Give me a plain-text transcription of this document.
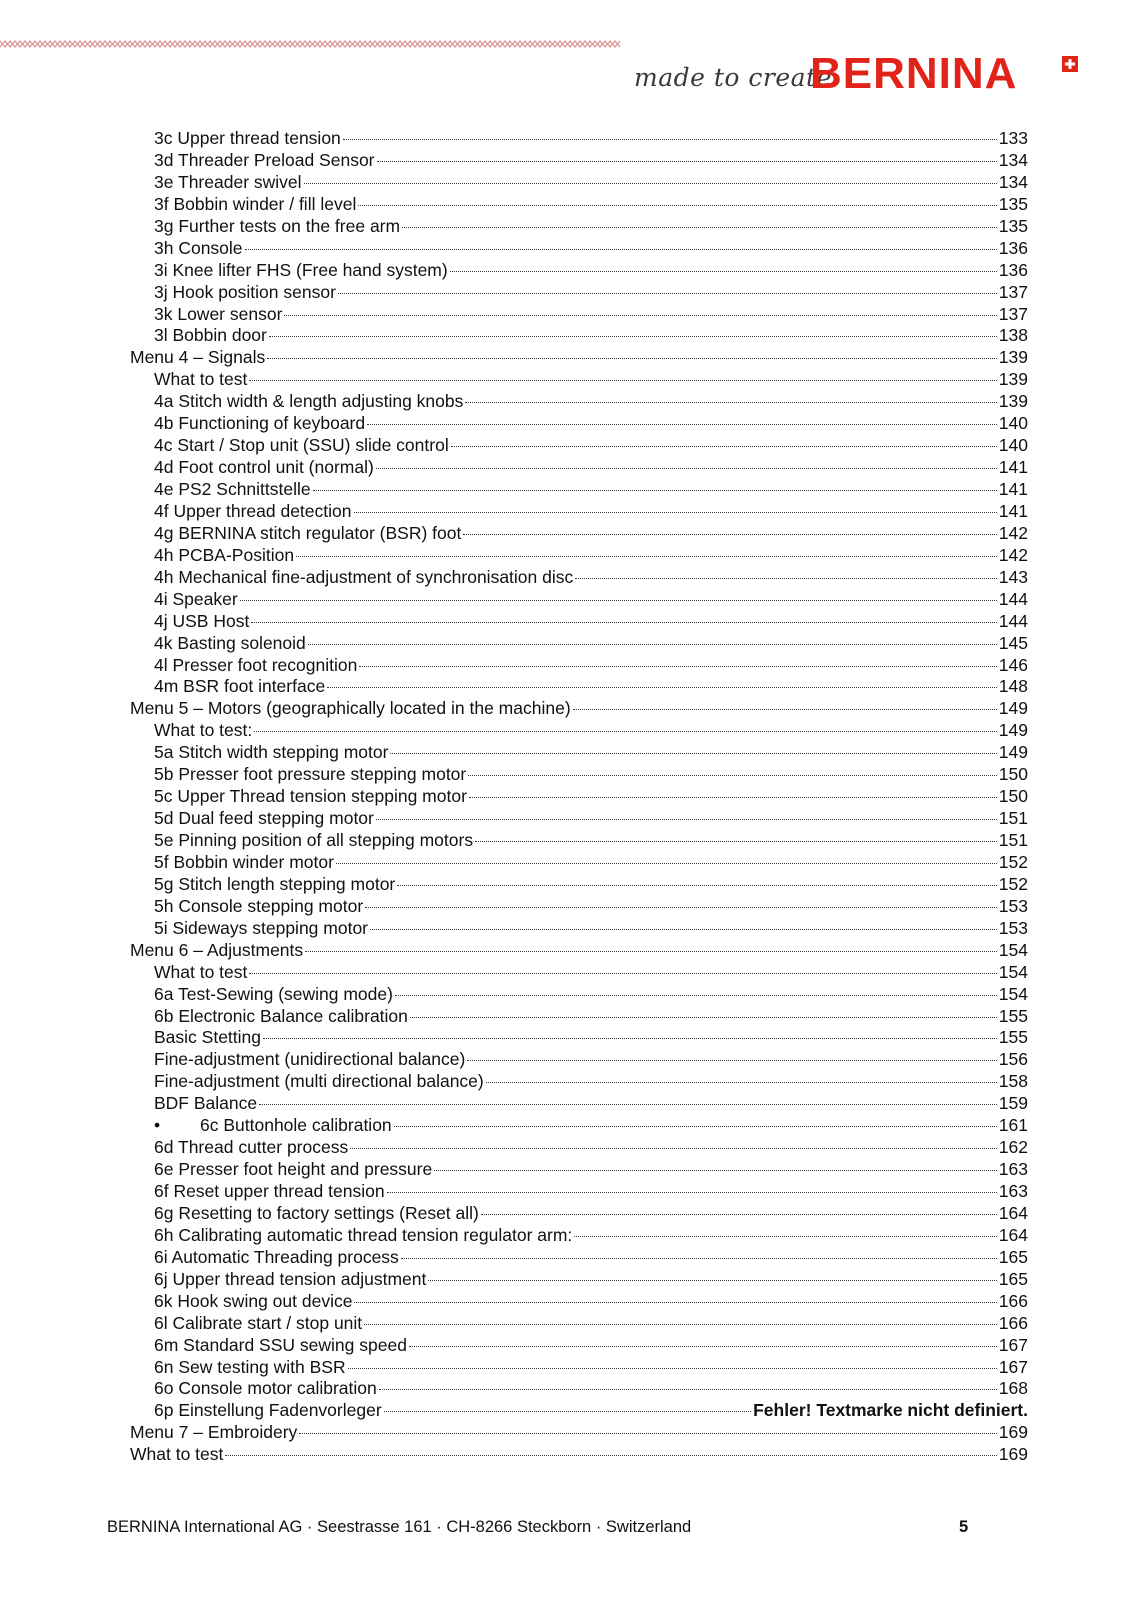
made to create
BERNINA
3c Upper thread tension	133
3d Threader Preload Sensor	134
3e Threader swivel	134
3f Bobbin winder / fill level	135
3g Further tests on the free arm	135
3h Console	136
3i Knee lifter FHS (Free hand system)	136
3j Hook position sensor	137
3k Lower sensor	137
3l Bobbin door	138
Menu 4 – Signals	139
What to test	139
4a Stitch width & length adjusting knobs	139
4b Functioning of keyboard	140
4c Start / Stop unit (SSU) slide control	140
4d Foot control unit (normal)	141
4e PS2 Schnittstelle	141
4f Upper thread detection	141
4g BERNINA stitch regulator (BSR) foot	142
4h PCBA-Position	142
4h Mechanical fine-adjustment of synchronisation disc	143
4i Speaker	144
4j USB Host	144
4k Basting solenoid	145
4l Presser foot recognition	146
4m BSR foot interface	148
Menu 5 – Motors (geographically located in the machine)	149
What to test:	149
5a Stitch width stepping motor	149
5b Presser foot pressure stepping motor	150
5c Upper Thread tension stepping motor	150
5d Dual feed stepping motor	151
5e Pinning position of all stepping motors	151
5f Bobbin winder motor	152
5g Stitch length stepping motor	152
5h Console stepping motor	153
5i Sideways stepping motor	153
Menu 6 – Adjustments	154
What to test	154
6a Test-Sewing (sewing mode)	154
6b Electronic Balance calibration	155
Basic Stetting	155
Fine-adjustment (unidirectional balance)	156
Fine-adjustment (multi directional balance)	158
BDF Balance	159
•	6c Buttonhole calibration	161
6d Thread cutter process	162
6e Presser foot height and pressure	163
6f Reset upper thread tension	163
6g Resetting to factory settings (Reset all)	164
6h Calibrating automatic thread tension regulator arm:	164
6i Automatic Threading process	165
6j Upper thread tension adjustment	165
6k Hook swing out device	166
6l Calibrate start / stop unit	166
6m Standard SSU sewing speed	167
6n Sew testing with BSR	167
6o Console motor calibration	168
6p Einstellung Fadenvorleger	Fehler! Textmarke nicht definiert.
Menu 7 – Embroidery	169
What to test	169
BERNINA International AG · Seestrasse 161 · CH-8266 Steckborn · Switzerland	5
